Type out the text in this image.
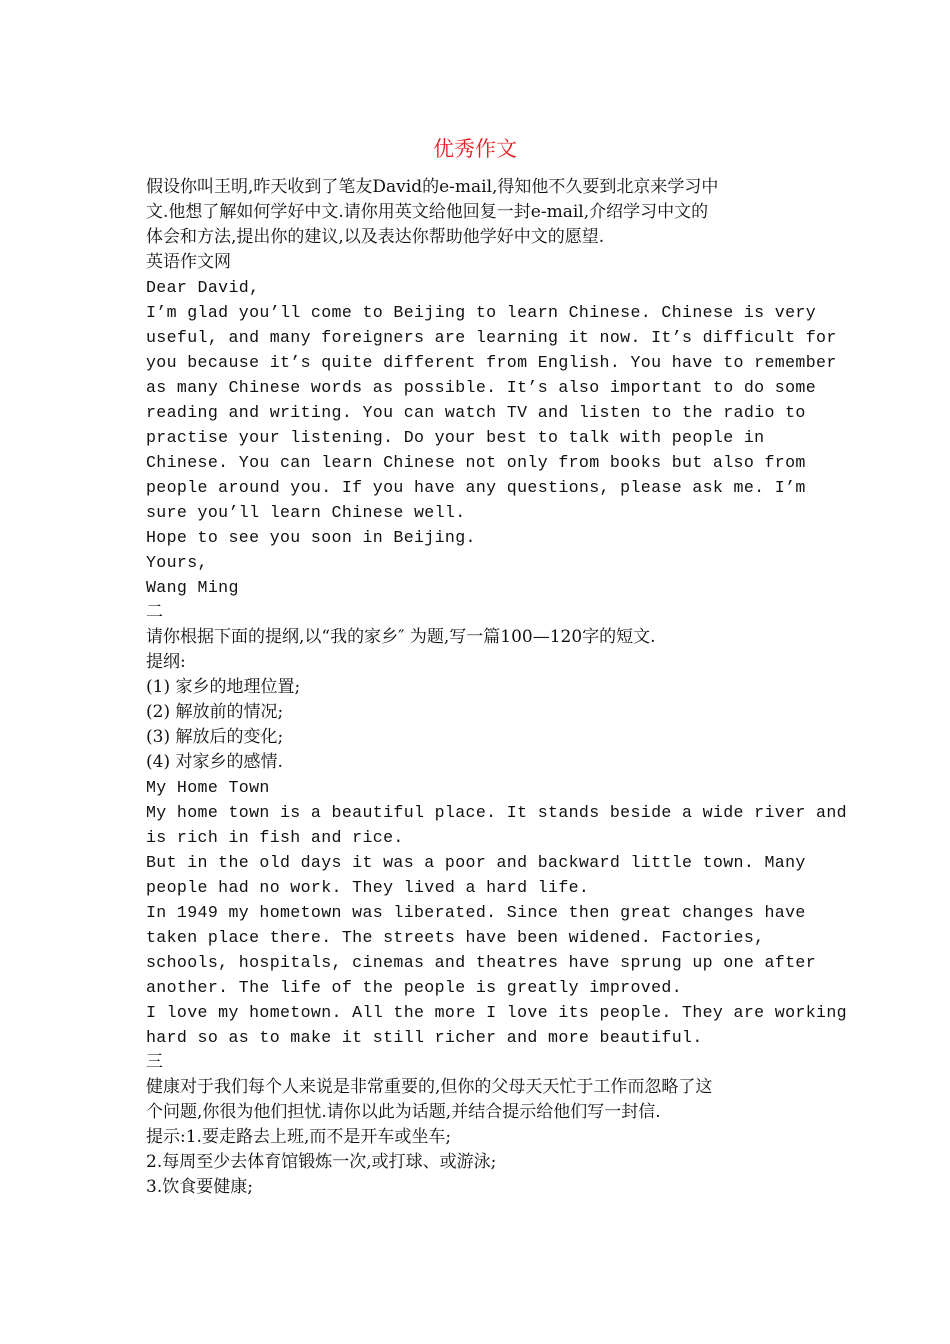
优秀作文
假设你叫王明,昨天收到了笔友David的e-mail,得知他不久要到北京来学习中
文.他想了解如何学好中文.请你用英文给他回复一封e-mail,介绍学习中文的
体会和方法,提出你的建议,以及表达你帮助他学好中文的愿望.
英语作文网
Dear David,
I’m glad you’ll come to Beijing to learn Chinese. Chinese is very
useful, and many foreigners are learning it now. It’s difficult for
you because it’s quite different from English. You have to remember
as many Chinese words as possible. It’s also important to do some
reading and writing. You can watch TV and listen to the radio to
practise your listening. Do your best to talk with people in
Chinese. You can learn Chinese not only from books but also from
people around you. If you have any questions, please ask me. I’m
sure you’ll learn Chinese well.
Hope to see you soon in Beijing.
Yours,
Wang Ming
二
请你根据下面的提纲,以“我的家乡″ 为题,写一篇100—120字的短文.
提纲:
(1) 家乡的地理位置;
(2) 解放前的情况;
(3) 解放后的变化;
(4) 对家乡的感情.
My Home Town
My home town is a beautiful place. It stands beside a wide river and
is rich in fish and rice.
But in the old days it was a poor and backward little town. Many
people had no work. They lived a hard life.
In 1949 my hometown was liberated. Since then great changes have
taken place there. The streets have been widened. Factories,
schools, hospitals, cinemas and theatres have sprung up one after
another. The life of the people is greatly improved.
I love my hometown. All the more I love its people. They are working
hard so as to make it still richer and more beautiful.
三
健康对于我们每个人来说是非常重要的,但你的父母天天忙于工作而忽略了这
个问题,你很为他们担忧.请你以此为话题,并结合提示给他们写一封信.
提示:1.要走路去上班,而不是开车或坐车;
2.每周至少去体育馆锻炼一次,或打球、或游泳;
3.饮食要健康;
